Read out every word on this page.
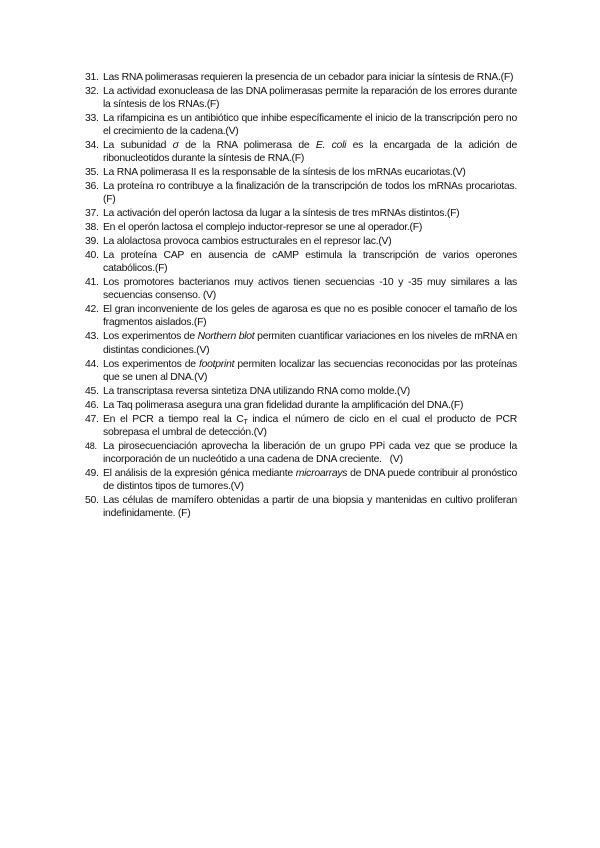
31. Las RNA polimerasas requieren la presencia de un cebador para iniciar la síntesis de RNA.(F)
32. La actividad exonucleasa de las DNA polimerasas permite la reparación de los errores durante la síntesis de los RNAs.(F)
33. La rifampicina es un antibiótico que inhibe específicamente el inicio de la transcripción pero no el crecimiento de la cadena.(V)
34. La subunidad σ de la RNA polimerasa de E. coli es la encargada de la adición de ribonucleotidos durante la síntesis de RNA.(F)
35. La RNA polimerasa II es la responsable de la síntesis de los mRNAs eucariotas.(V)
36. La proteína ro contribuye a la finalización de la transcripción de todos los mRNAs procariotas. (F)
37. La activación del operón lactosa da lugar a la síntesis de tres mRNAs distintos.(F)
38. En el operón lactosa el complejo inductor-represor se une al operador.(F)
39. La alolactosa provoca cambios estructurales en el represor lac.(V)
40. La proteína CAP en ausencia de cAMP estimula la transcripción de varios operones catabólicos.(F)
41. Los promotores bacterianos muy activos tienen secuencias -10 y -35 muy similares a las secuencias consenso. (V)
42. El gran inconveniente de los geles de agarosa es que no es posible conocer el tamaño de los fragmentos aislados.(F)
43. Los experimentos de Northern blot permiten cuantificar variaciones en los niveles de mRNA en distintas condiciones.(V)
44. Los experimentos de footprint permiten localizar las secuencias reconocidas por las proteínas que se unen al DNA.(V)
45. La transcriptasa reversa sintetiza DNA utilizando RNA como molde.(V)
46. La Taq polimerasa asegura una gran fidelidad durante la amplificación del DNA.(F)
47. En el PCR a tiempo real la $C_T$ indica el número de ciclo en el cual el producto de PCR sobrepasa el umbral de detección.(V)
48. La pirosecuenciación aprovecha la liberación de un grupo PPi cada vez que se produce la incorporación de un nucleótido a una cadena de DNA creciente.   (V)
49. El análisis de la expresión génica mediante microarrays de DNA puede contribuir al pronóstico de distintos tipos de tumores.(V)
50. Las células de mamífero obtenidas a partir de una biopsia y mantenidas en cultivo proliferan indefinidamente. (F)
